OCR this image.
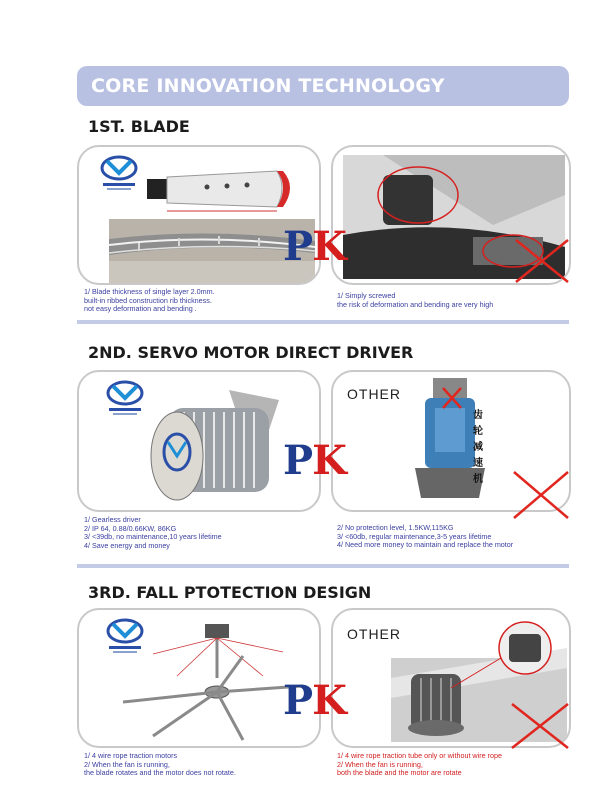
CORE INNOVATION TECHNOLOGY
1ST. BLADE
PK
1/ Blade thickness of single layer 2.0mm.
built-in ribbed construction rib thickness.
not easy deformation and bending .
1/ Simply screwed
the risk of deformation and bending are very high
2ND. SERVO MOTOR DIRECT DRIVER
OTHER
齿
轮
减
速
机
PK
1/ Gearless driver
2/ IP 64, 0.88/0.66KW, 86KG
3/ <39db, no maintenance,10 years lifetime
4/ Save energy and money
2/ No protection level, 1.5KW,115KG
3/ <60db, regular maintenance,3-5 years lifetime
4/ Need more money to maintain and replace the motor
3RD. FALL PTOTECTION DESIGN
OTHER
PK
1/ 4 wire rope traction motors
2/ When the fan is running,
the blade rotates and the motor does not rotate.
1/ 4 wire rope traction tube only or without wire rope
2/ When the fan is running,
both the blade and the motor are rotate
